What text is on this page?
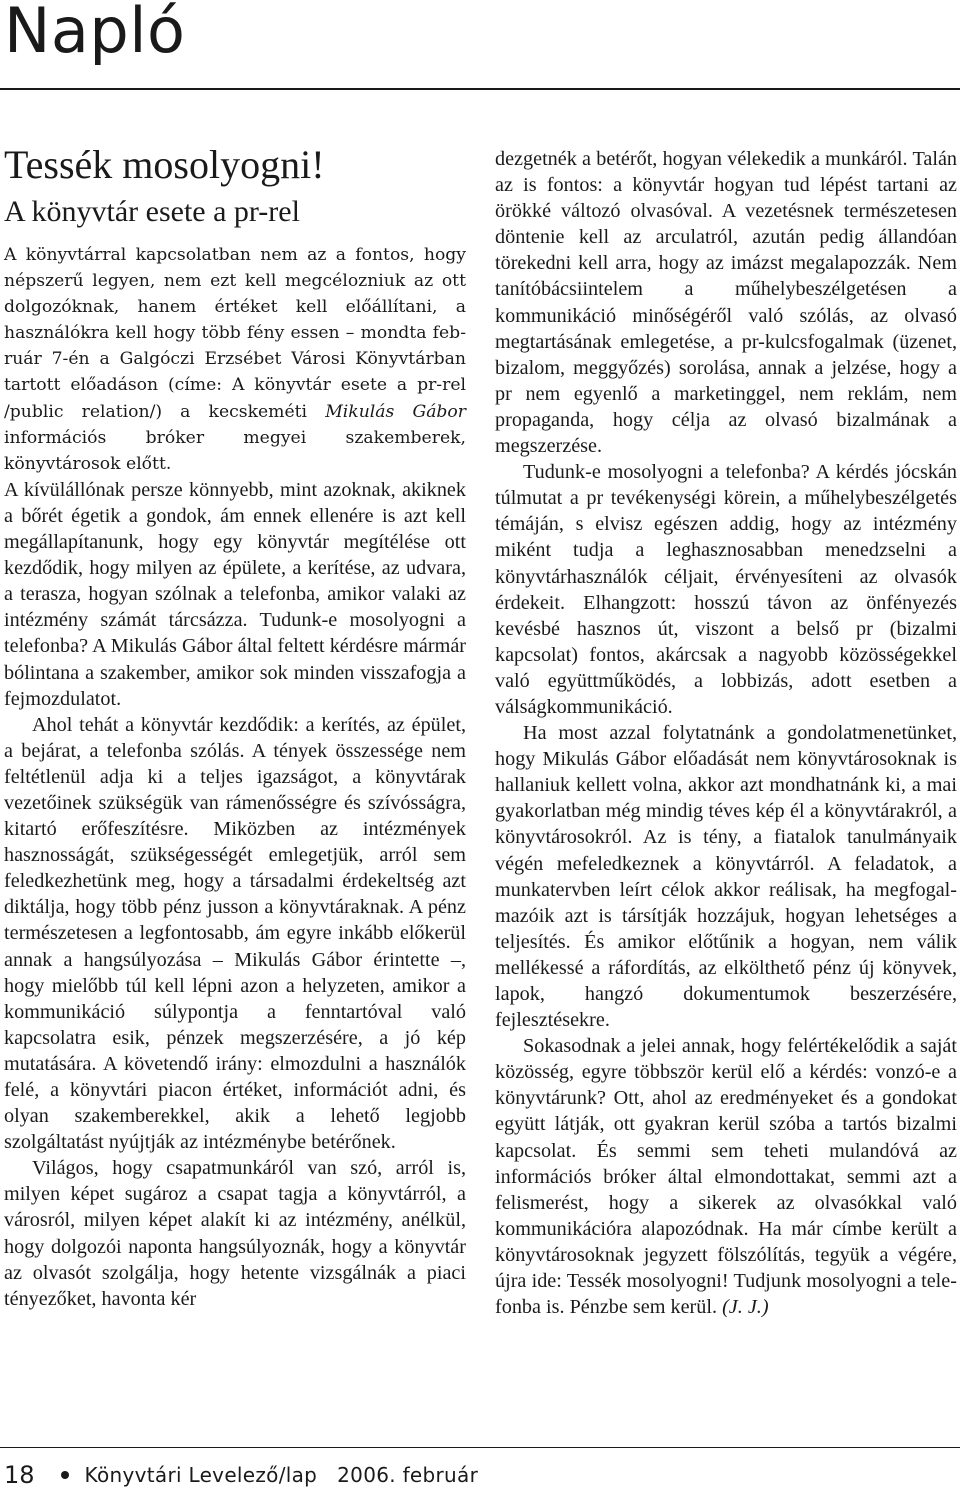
Napló
Tessék mosolyogni!
A könyvtár esete a pr-rel

A könyvtárral kapcsolatban nem az a fontos, hogy népszerű legyen, nem ezt kell megcélozniuk az ott dolgozóknak, hanem értéket kell előállítani, a használókra kell hogy több fény essen – mondta február 7-én a Galgóczi Erzsébet Városi Könyvtárban tartott előadáson (címe: A könyvtár esete a pr-rel /public relation/) a kecskeméti Mikulás Gábor információs bróker megyei szakemberek, könyvtárosok előtt.

A kívülállónak persze könnyebb, mint azoknak, akiknek a bőrét égetik a gondok, ám ennek ellenére is azt kell megállapítanunk, hogy egy könyvtár megítélése ott kezdődik, hogy milyen az épülete, a kerítése, az udvara, a terasza, hogyan szólnak a telefonba, amikor valaki az intézmény számát tárcsázza. Tudunk-e mosolyogni a telefonba? A Mikulás Gábor által feltett kérdésre mármár bólintana a szakember, amikor sok minden visszafogja a fejmozdulatot.

Ahol tehát a könyvtár kezdődik: a kerítés, az épület, a bejárat, a telefonba szólás. A tények összessége nem feltétlenül adja ki a teljes igazságot, a könyvtárak vezetőinek szükségük van rámenősségre és szívósságra, kitartó erőfeszítésre. Miközben az intézmények hasznosságát, szükségességét emlegetjük, arról sem feledkezhetünk meg, hogy a társadalmi érdekeltség azt diktálja, hogy több pénz jusson a könyvtáraknak. A pénz természetesen a legfontosabb, ám egyre inkább előkerül annak a hangsúlyozása – Mikulás Gábor érintette –, hogy mielőbb túl kell lépni azon a helyzeten, amikor a kommunikáció súlypontja a fenntartóval való kapcsolatra esik, pénzek megszerzésére, a jó kép mutatására. A követendő irány: elmozdulni a használók felé, a könyvtári piacon értéket, információt adni, és olyan szakemberekkel, akik a lehető legjobb szolgáltatást nyújtják az intézménybe betérőnek.

Világos, hogy csapatmunkáról van szó, arról is, milyen képet sugároz a csapat tagja a könyvtárról, a városról, milyen képet alakít ki az intézmény, anélkül, hogy dolgozói naponta hangsúlyoznák, hogy a könyvtár az olvasót szolgálja, hogy hetente vizsgálnák a piaci tényezőket, havonta kér

dezgetnék a betérőt, hogyan vélekedik a munkáról. Talán az is fontos: a könyvtár hogyan tud lépést tartani az örökké változó olvasóval. A vezetésnek természetesen döntenie kell az arculatról, azután pedig állandóan törekedni kell arra, hogy az imázst megalapozzák. Nem tanítóbácsiintelem a műhelybeszélgetésen a kommunikáció minőségéről való szólás, az olvasó megtartásának emlegetése, a pr-kulcsfogalmak (üzenet, bizalom, meggyőzés) sorolása, annak a jelzése, hogy a pr nem egyenlő a marketinggel, nem reklám, nem propaganda, hogy célja az olvasó bizalmának a megszerzése.

Tudunk-e mosolyogni a telefonba? A kérdés jócskán túlmutat a pr tevékenységi körein, a műhelybeszélgetés témáján, s elvisz egészen addig, hogy az intézmény miként tudja a leghasznosabban menedzselni a könyvtárhasználók céljait, érvényesíteni az olvasók érdekeit. Elhangzott: hosszú távon az önfényezés kevésbé hasznos út, viszont a belső pr (bizalmi kapcsolat) fontos, akárcsak a nagyobb közösségekkel való együttműködés, a lobbizás, adott esetben a válságkommunikáció.

Ha most azzal folytatnánk a gondolatmenetünket, hogy Mikulás Gábor előadását nem könyvtárosoknak is hallaniuk kellett volna, akkor azt mondhatnánk ki, a mai gyakorlatban még mindig téves kép él a könyvtárakról, a könyvtárosokról. Az is tény, a fiatalok tanulmányaik végén mefeledkeznek a könyvtárról. A feladatok, a munkatervben leírt célok akkor reálisak, ha megfogalmazóik azt is társítják hozzájuk, hogyan lehetséges a teljesítés. És amikor előtűnik a hogyan, nem válik mellékessé a ráfordítás, az elkölthető pénz új könyvek, lapok, hangzó dokumentumok beszerzésére, fejlesztésekre.

Sokasodnak a jelei annak, hogy felértékelődik a saját közösség, egyre többször kerül elő a kérdés: vonzó-e a könyvtárunk? Ott, ahol az eredményeket és a gondokat együtt látják, ott gyakran kerül szóba a tartós bizalmi kapcsolat. És semmi sem teheti mulandóvá az információs bróker által elmondottakat, semmi azt a felismerést, hogy a sikerek az olvasókkal való kommunikációra alapozódnak. Ha már címbe került a könyvtárosoknak jegyzett fölszólítás, tegyük a végére, újra ide: Tessék mosolyogni! Tudjunk mosolyogni a telefonba is. Pénzbe sem kerül. (J. J.)

18	Könyvtári Levelező/lap
2006. február
